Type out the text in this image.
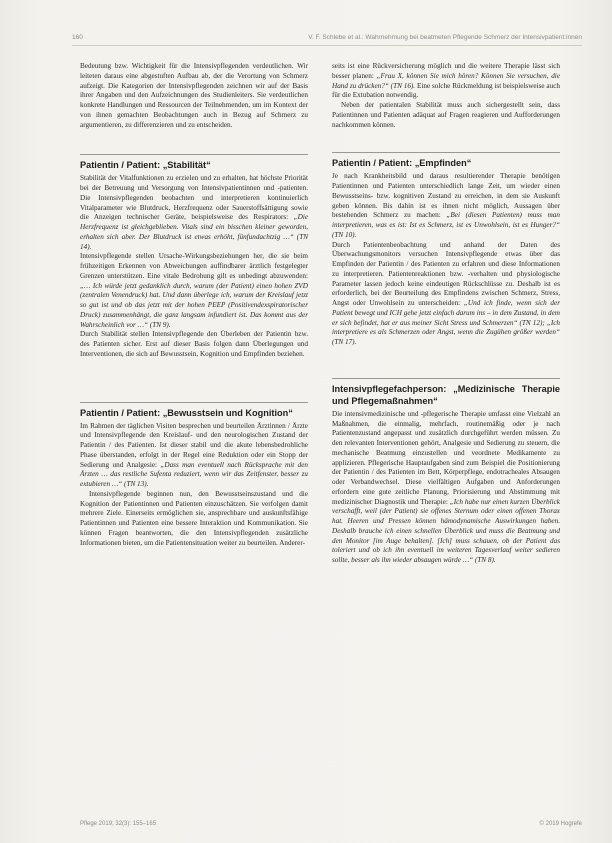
160	V. F. Schlebe et al.: Wahrnehmung bei beatmeten Pflegende Schmerz der Intensivpatient:innen

Bedeutung bzw. Wichtigkeit für die Intensivpflegenden verdeutlichen. Wir leiteten daraus eine abgestuften Aufbau ab, der die Verortung von Schmerz aufzeigt. Die Kategorien der Intensivpflegenden zeichnen wir auf der Basis ihrer Angaben und den Aufzeichnungen des Studienleiters. Sie verdeutlichen konkrete Handlungen und Ressourcen der Teilnehmenden, um im Kontext der von ihnen gemachten Beobachtungen auch in Bezug auf Schmerz zu argumentieren, zu differenzieren und zu entscheiden.

Patientin / Patient: „Stabilität“

Stabilität der Vitalfunktionen zu erzielen und zu erhalten, hat höchste Priorität bei der Betreuung und Versorgung von Intensivpatientinnen und -patienten. Die Intensivpflegenden beobachten und interpretieren kontinuierlich Vitalparameter wie Blutdruck, Herzfrequenz oder Sauerstoffsättigung sowie die Anzeigen technischer Geräte, beispielsweise des Respirators: „Die Herzfrequenz ist gleichgeblieben. Vitals sind ein bisschen kleiner geworden, erhalten sich aber. Der Blutdruck ist etwas erhöht, fünfundachtzig …“ (TN 14).

Intensivpflegende stellen Ursache-Wirkungsbeziehungen her, die sie beim frühzeitigen Erkennen von Abweichungen auffindbarer ärztlich festgelegter Grenzen unterstützen. Eine vitale Bedrohung gilt es unbedingt abzuwenden: „… Ich würde jetzt gedanklich durch, warum (der Patient) einen hohen ZVD (zentralen Venendruck) hat. Und dann überlege ich, warum der Kreislauf jetzt so gut ist und ob das jetzt mit der hohen PEEP (Positivendexspiratorischer Druck) zusammenhängt, die ganz langsam infundiert ist. Das kommt aus der Wahrscheinlich vor …“ (TN 9).

Durch Stabilität stellen Intensivpflegende den Überleben der Patientin bzw. des Patienten sicher. Erst auf dieser Basis folgen dann Überlegungen und Interventionen, die sich auf Bewusstsein, Kognition und Empfinden beziehen.

Patientin / Patient: „Bewusstsein und Kognition“

Im Rahmen der täglichen Visiten besprechen und beurteilen Ärztinnen / Ärzte und Intensivpflegende den Kreislauf- und den neurologischen Zustand der Patientin / des Patienten. Ist dieser stabil und die akute lebensbedrohliche Phase überstanden, erfolgt in der Regel eine Reduktion oder ein Stopp der Sedierung und Analgesie: „Dass man eventuell nach Rücksprache mit den Ärzten … das restliche Sufenta reduziert, wenn wir das Zeitfenster, besser zu extubieren …“ (TN 13).

Intensivpflegende beginnen nun, den Bewusstseinszustand und die Kognition der Patientinnen und Patienten einzuschätzen. Sie verfolgen damit mehrere Ziele. Einerseits ermöglichen sie, ansprechbare und auskunftsfähige Patientinnen und Patienten eine bessere Interaktion und Kommunikation. Sie können Fragen beantworten, die den Intensivpflegenden zusätzliche Informationen bieten, um die Patientensituation weiter zu beurteilen. Anderer-

seits ist eine Rückversicherung möglich und die weitere Therapie lässt sich besser planen: „Frau X, können Sie mich hören? Können Sie versuchen, die Hand zu drücken?“ (TN 16). Eine solche Rückmeldung ist beispielsweise auch für die Extubation notwendig.

Neben der patientalen Stabilität muss auch sichergestellt sein, dass Patientinnen und Patienten adäquat auf Fragen reagieren und Aufforderungen nachkommen können.

Patientin / Patient: „Empfinden“

Je nach Krankheitsbild und daraus resultierender Therapie benötigen Patientinnen und Patienten unterschiedlich lange Zeit, um wieder einen Bewusstseins- bzw. kognitiven Zustand zu erreichen, in dem sie Auskunft geben können. Bis dahin ist es ihnen nicht möglich, Aussagen über bestehenden Schmerz zu machen: „Bei (diesen Patienten) muss man interpretieren, was es ist: Ist es Schmerz, ist es Unwohlsein, ist es Hunger?“ (TN 10).

Durch Patientenbeobachtung und anhand der Daten des Überwachungsmonitors versuchen Intensivpflegende etwas über das Empfinden der Patientin / des Patienten zu erfahren und diese Informationen zu interpretieren. Patientenreaktionen bzw. -verhalten und physiologische Parameter lassen jedoch keine eindeutigen Rückschlüsse zu. Deshalb ist es erforderlich, bei der Beurteilung des Empfindens zwischen Schmerz, Stress, Angst oder Unwohlsein zu unterscheiden: „Und ich finde, wenn sich der Patient bewegt und ICH gehe jetzt einfach darum ins – in dem Zustand, in dem er sich befindet, hat er aus meiner Sicht Stress und Schmerzen“ (TN 12); „Ich interpretiere es als Schmerzen oder Angst, wenn die Zugühen größer werden“ (TN 17).

Intensivpflegefachperson: „Medizinische Therapie und Pflegemaßnahmen“

Die intensivmedizinische und -pflegerische Therapie umfasst eine Vielzahl an Maßnahmen, die einmalig, mehrfach, routinemäßig oder je nach Patientenzustand angepasst und zusätzlich durchgeführt werden müssen. Zu den relevanten Interventionen gehört, Analgesie und Sedierung zu steuern, die mechanische Beatmung einzustellen und veordnete Medikamente zu applizieren. Pflegerische Hauptaufgaben sind zum Beispiel die Positionierung der Patientin / des Patienten im Bett, Körperpflege, endotracheales Absaugen oder Verbandwechsel. Diese vielfältigen Aufgaben und Anforderungen erfordern eine gute zeitliche Planung, Priorisierung und Abstimmung mit medizinischer Diagnostik und Therapie: „Ich habe nur einen kurzen Überblick verschafft, weil (der Patient) sie offenes Sternum oder einen offenen Thorax hat. Heeren und Pressen können hämodynamische Auswirkungen haben. Deshalb brauche ich einen schnellen Überblick und muss die Beatmung und den Monitor [im Auge behalten]. [Ich] muss schauen, ob der Patient das toleriert und ob ich ihn eventuell im weiteren Tagesverlauf weiter sedieren sollte, besser als ihn wieder absaugen würde …“ (TN 8).

Pflege 2019; 32(3): 155–165	© 2019 Hogrefe
